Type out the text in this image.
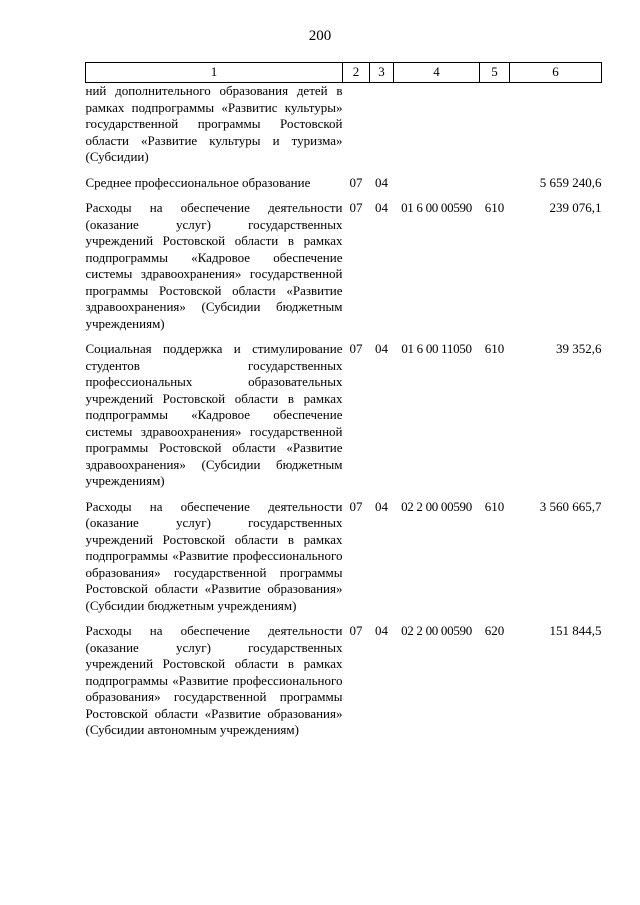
200
1	2	3	4	5	6
ний дополнительного образования детей в рамках подпрограммы «Развитис культуры» государственной программы Ростовской области «Развитие культуры и туризма» (Субсидии)					
Среднее профессиональное образование	07	04			5 659 240,6
Расходы на обеспечение деятельности (оказание услуг) государственных учреждений Ростовской области в рамках подпрограммы «Кадровое обеспечение системы здравоохранения» государственной программы Ростовской области «Развитие здравоохранения» (Субсидии бюджетным учреждениям)	07	04	01 6 00 00590	610	239 076,1
Социальная поддержка и стимулирование студентов государственных профессиональных образовательных учреждений Ростовской области в рамках подпрограммы «Кадровое обеспечение системы здравоохранения» государственной программы Ростовской области «Развитие здравоохранения» (Субсидии бюджетным учреждениям)	07	04	01 6 00 11050	610	39 352,6
Расходы на обеспечение деятельности (оказание услуг) государственных учреждений Ростовской области в рамках подпрограммы «Развитие профессионального образования» государственной программы Ростовской области «Развитие образования» (Субсидии бюджетным учреждениям)	07	04	02 2 00 00590	610	3 560 665,7
Расходы на обеспечение деятельности (оказание услуг) государственных учреждений Ростовской области в рамках подпрограммы «Развитие профессионального образования» государственной программы Ростовской области «Развитие образования» (Субсидии автономным учреждениям)	07	04	02 2 00 00590	620	151 844,5
